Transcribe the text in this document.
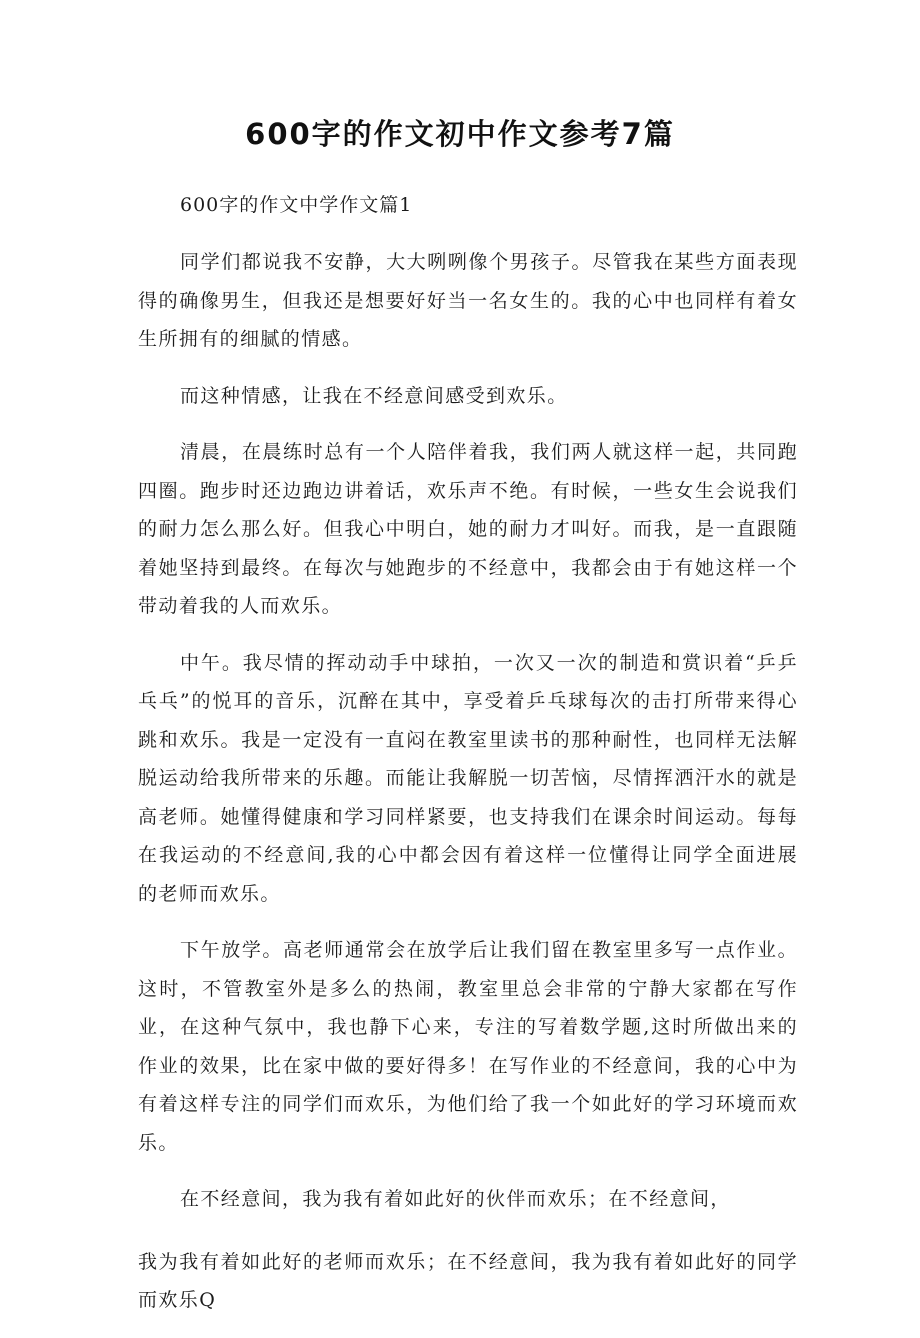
600字的作文初中作文参考7篇

600字的作文中学作文篇1

同学们都说我不安静，大大咧咧像个男孩子。尽管我在某些方面表现得的确像男生，但我还是想要好好当一名女生的。我的心中也同样有着女生所拥有的细腻的情感。

而这种情感，让我在不经意间感受到欢乐。

清晨，在晨练时总有一个人陪伴着我，我们两人就这样一起，共同跑四圈。跑步时还边跑边讲着话，欢乐声不绝。有时候，一些女生会说我们的耐力怎么那么好。但我心中明白，她的耐力才叫好。而我，是一直跟随着她坚持到最终。在每次与她跑步的不经意中，我都会由于有她这样一个带动着我的人而欢乐。

中午。我尽情的挥动动手中球拍，一次又一次的制造和赏识着“乒乒乓乓”的悦耳的音乐，沉醉在其中，享受着乒乓球每次的击打所带来得心跳和欢乐。我是一定没有一直闷在教室里读书的那种耐性，也同样无法解脱运动给我所带来的乐趣。而能让我解脱一切苦恼，尽情挥洒汗水的就是高老师。她懂得健康和学习同样紧要，也支持我们在课余时间运动。每每在我运动的不经意间,我的心中都会因有着这样一位懂得让同学全面进展的老师而欢乐。

下午放学。高老师通常会在放学后让我们留在教室里多写一点作业。这时，不管教室外是多么的热闹，教室里总会非常的宁静大家都在写作业，在这种气氛中，我也静下心来，专注的写着数学题,这时所做出来的作业的效果，比在家中做的要好得多！在写作业的不经意间，我的心中为有着这样专注的同学们而欢乐，为他们给了我一个如此好的学习环境而欢乐。

在不经意间，我为我有着如此好的伙伴而欢乐；在不经意间，

我为我有着如此好的老师而欢乐；在不经意间，我为我有着如此好的同学而欢乐Q
